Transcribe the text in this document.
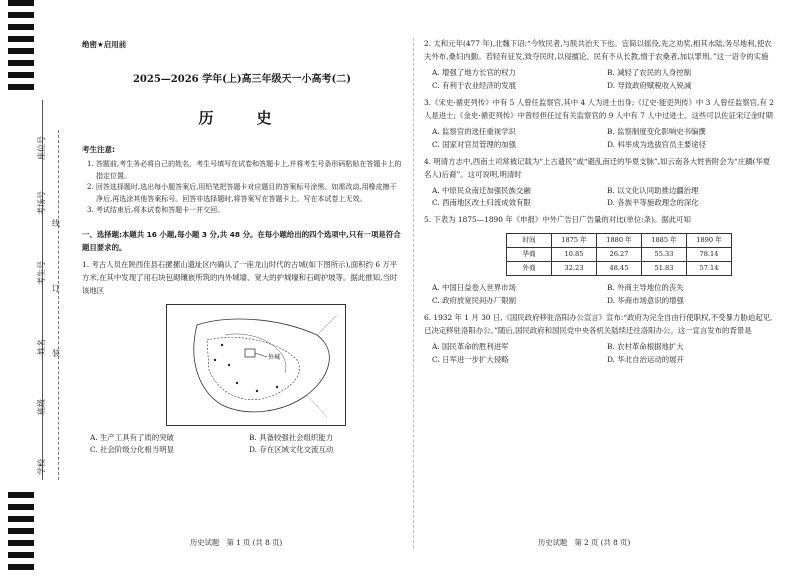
座位号
考场号
考生号
姓名
班级
学校
线
订
装
绝密★启用前
2025—2026 学年(上)高三年级天一小高考(二)
历　史
考生注意:
1. 答题前,考生务必将自己的姓名、考生号填写在试卷和答题卡上,并将考生号条形码粘贴在答题卡上的指定位置。
2. 回答选择题时,选出每小题答案后,用铅笔把答题卡对应题目的答案标号涂黑。如需改动,用橡皮擦干净后,再选涂其他答案标号。回答非选择题时,将答案写在答题卡上。写在本试卷上无效。
3. 考试结束后,将本试卷和答题卡一并交回。
一、选择题:本题共 16 小题,每小题 3 分,共 48 分。在每小题给出的四个选项中,只有一项是符合题目要求的。
1. 考古人员在陕西佳县石摞摞山遗址区内确认了一座龙山时代的古城(如下图所示),面积约 6 万平方米,在其中发现了用石块包砌镶嵌所筑的内外城墙、宽大的护城壕和石砌护坡等。据此推知,当时该地区
外城
A. 生产工具有了质的突破	B. 具备较强社会组织能力
C. 社会阶级分化相当明显	D. 存在区域文化交流互动
2. 太和元年(477 年),北魏下诏:“今牧民者,与朕共治天下也。宜简以徭役,先之劝奖,相其水陆,务尽地利,使农夫外布,桑妇内勤。若轻有征发,致夺民时,以侵擅论。民有不从长教,惰于农桑者,加以罪刑。”这一诏令的实施
A. 增强了地方长官的权力	B. 减轻了农民的人身控制
C. 有利于农业经济的发展	D. 导致政府赋税收入锐减
3.《宋史·循吏列传》中有 5 人曾任监察官,其中 4 人为进士出身;《辽史·能吏列传》中 3 人曾任监察官,有 2 人是进士;《金史·循吏列传》中曾经担任过有关监察官的 9 人中有 7 人中过进士。这些可以佐证宋辽金时期
A. 监察官的选任重视学识	B. 监察制度变化影响史书编撰
C. 国家对官员管理的加强	D. 科举成为选拔官员主要途径
4. 明清方志中,西南土司常被记载为“上古遗民”或“避乱南迁的华夏支脉”,如云南各大姓皆附会为“庄蹻(华夏名人)后裔”。这可说明,明清时
A. 中原民众南迁加强民族交融	B. 以文化认同助推边疆治理
C. 西南地区改土归流成效有限	D. 各族平等施政理念的深化
5. 下表为 1875—1890 年《申报》中外广告日广告量的对比(单位:条)。据此可知
时间	1875 年	1880 年	1885 年	1890 年
华商	10.85	26.27	55.33	78.14
外商	32.23	48.45	51.83	57.14
A. 中国日益卷入世界市场	B. 外商主导地位的丧失
C. 政府放宽民间办厂限制	D. 华商市场意识的增强
6. 1932 年 1 月 30 日,《国民政府移驻洛阳办公宣言》宣布:“政府为完全自由行使职权,不受暴力胁迫起见,已决定移驻洛阳办公。”随后,国民政府和国民党中央各机关陆续迁往洛阳办公。这一宣言发布的背景是
A. 国民革命的胜利进军	B. 农村革命根据地扩大
C. 日军进一步扩大侵略	D. 华北自治运动的展开
历史试题　第 1 页 (共 8 页)	历史试题　第 2 页 (共 8 页)
